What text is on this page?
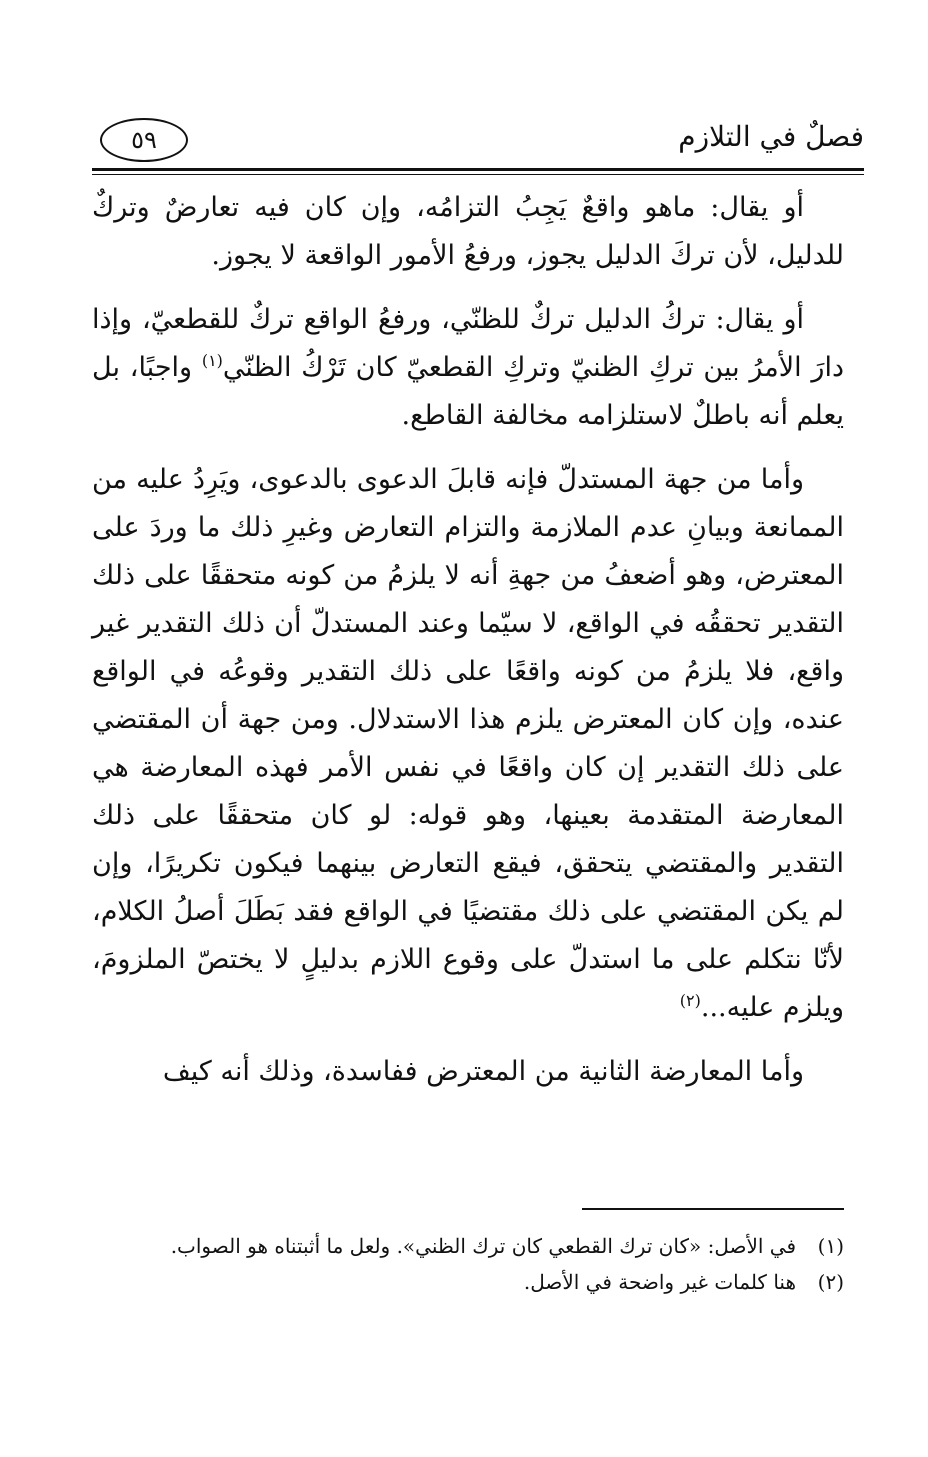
فصلٌ في التلازم
٥٩

أو يقال: ماهو واقعٌ يَجِبُ التزامُه، وإن كان فيه تعارضٌ وتركٌ للدليل، لأن تركَ الدليل يجوز، ورفعُ الأمور الواقعة لا يجوز.

أو يقال: تركُ الدليل تركٌ للظنّي، ورفعُ الواقع تركٌ للقطعيّ، وإذا دارَ الأمرُ بين تركِ الظنيّ وتركِ القطعيّ كان تَرْكُ الظنّي$^{(١)}$ واجبًا، بل يعلم أنه باطلٌ لاستلزامه مخالفة القاطع.

وأما من جهة المستدلّ فإنه قابلَ الدعوى بالدعوى، ويَرِدُ عليه من الممانعة وبيانِ عدم الملازمة والتزام التعارض وغيرِ ذلك ما وردَ على المعترض، وهو أضعفُ من جهةِ أنه لا يلزمُ من كونه متحققًا على ذلك التقدير تحققُه في الواقع، لا سيّما وعند المستدلّ أن ذلك التقدير غير واقع، فلا يلزمُ من كونه واقعًا على ذلك التقدير وقوعُه في الواقع عنده، وإن كان المعترض يلزم هذا الاستدلال. ومن جهة أن المقتضي على ذلك التقدير إن كان واقعًا في نفس الأمر فهذه المعارضة هي المعارضة المتقدمة بعينها، وهو قوله: لو كان متحققًا على ذلك التقدير والمقتضي يتحقق، فيقع التعارض بينهما فيكون تكريرًا، وإن لم يكن المقتضي على ذلك مقتضيًا في الواقع فقد بَطَلَ أصلُ الكلام، لأنّا نتكلم على ما استدلّ على وقوع اللازم بدليلٍ لا يختصّ الملزومَ، ويلزم عليه...$^{(٢)}$

وأما المعارضة الثانية من المعترض ففاسدة، وذلك أنه كيف

(١)في الأصل: «كان ترك القطعي كان ترك الظني». ولعل ما أثبتناه هو الصواب.

(٢)هنا كلمات غير واضحة في الأصل.
